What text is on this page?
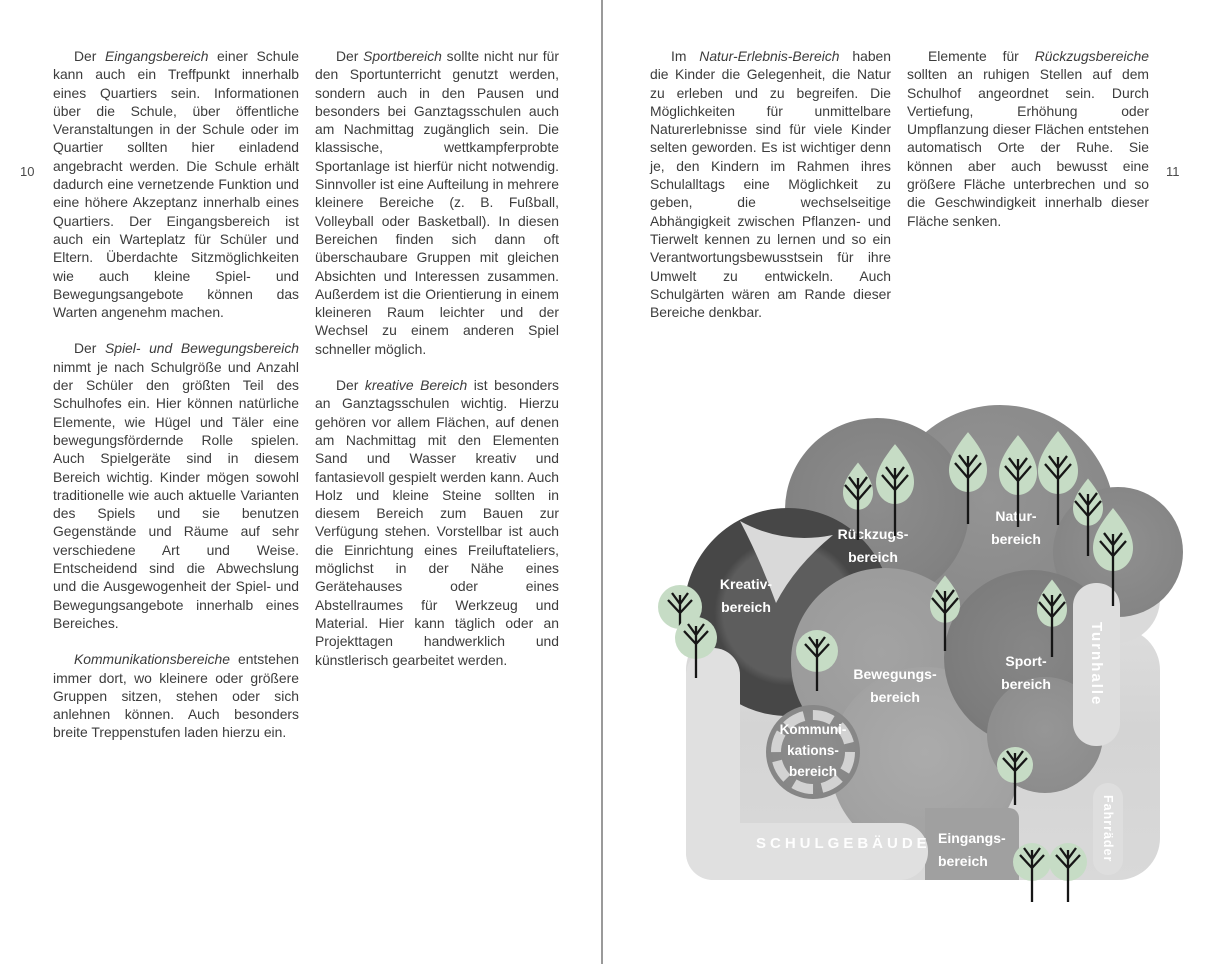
10

Der Eingangsbereich einer Schule kann auch ein Treffpunkt innerhalb eines Quartiers sein. Informationen über die Schule, über öffentliche Veranstaltungen in der Schule oder im Quartier sollten hier einladend angebracht werden. Die Schule erhält dadurch eine vernetzende Funktion und eine höhere Akzeptanz innerhalb eines Quartiers. Der Eingangsbereich ist auch ein Warteplatz für Schüler und Eltern. Überdachte Sitzmöglichkeiten wie auch kleine Spiel- und Bewegungsangebote können das Warten angenehm machen.

Der Spiel- und Bewegungsbereich nimmt je nach Schulgröße und Anzahl der Schüler den größten Teil des Schulhofes ein. Hier können natürliche Elemente, wie Hügel und Täler eine bewegungsfördernde Rolle spielen. Auch Spielgeräte sind in diesem Bereich wichtig. Kinder mögen sowohl traditionelle wie auch aktuelle Varianten des Spiels und sie benutzen Gegenstände und Räume auf sehr verschiedene Art und Weise. Entscheidend sind die Abwechslung und die Ausgewogenheit der Spiel- und Bewegungsangebote innerhalb eines Bereiches.

Kommunikationsbereiche entstehen immer dort, wo kleinere oder größere Gruppen sitzen, stehen oder sich anlehnen können. Auch besonders breite Treppenstufen laden hierzu ein.

Der Sportbereich sollte nicht nur für den Sportunterricht genutzt werden, sondern auch in den Pausen und besonders bei Ganztagsschulen auch am Nachmittag zugänglich sein. Die klassische, wettkampferprobte Sportanlage ist hierfür nicht notwendig. Sinnvoller ist eine Aufteilung in mehrere kleinere Bereiche (z. B. Fußball, Volleyball oder Basketball). In diesen Bereichen finden sich dann oft überschaubare Gruppen mit gleichen Absichten und Interessen zusammen. Außerdem ist die Orientierung in einem kleineren Raum leichter und der Wechsel zu einem anderen Spiel schneller möglich.

Der kreative Bereich ist besonders an Ganztagsschulen wichtig. Hierzu gehören vor allem Flächen, auf denen am Nachmittag mit den Elementen Sand und Wasser kreativ und fantasievoll gespielt werden kann. Auch Holz und kleine Steine sollten in diesem Bereich zum Bauen zur Verfügung stehen. Vorstellbar ist auch die Einrichtung eines Freiluftateliers, möglichst in der Nähe eines Gerätehauses oder eines Abstellraumes für Werkzeug und Material. Hier kann täglich oder an Projekttagen handwerklich und künstlerisch gearbeitet werden.

11

Im Natur-Erlebnis-Bereich haben die Kinder die Gelegenheit, die Natur zu erleben und zu begreifen. Die Möglichkeiten für unmittelbare Naturerlebnisse sind für viele Kinder selten geworden. Es ist wichtiger denn je, den Kindern im Rahmen ihres Schulalltags eine Möglichkeit zu geben, die wechselseitige Abhängigkeit zwischen Pflanzen- und Tierwelt kennen zu lernen und so ein Verantwortungsbewusstsein für ihre Umwelt zu entwickeln. Auch Schulgärten wären am Rande dieser Bereiche denkbar.

Elemente für Rückzugsbereiche sollten an ruhigen Stellen auf dem Schulhof angeordnet sein. Durch Vertiefung, Erhöhung oder Umpflanzung dieser Flächen entstehen automatisch Orte der Ruhe. Sie können aber auch bewusst eine größere Fläche unterbrechen und so die Geschwindigkeit innerhalb dieser Fläche senken.

SCHULGEBÄUDE
Turnhalle
Fahrräder
Rückzugs-
bereich
Natur-
bereich
Kreativ-
bereich
Bewegungs-
bereich
Sport-
bereich
Kommuni-
kations-
bereich
Eingangs-
bereich
